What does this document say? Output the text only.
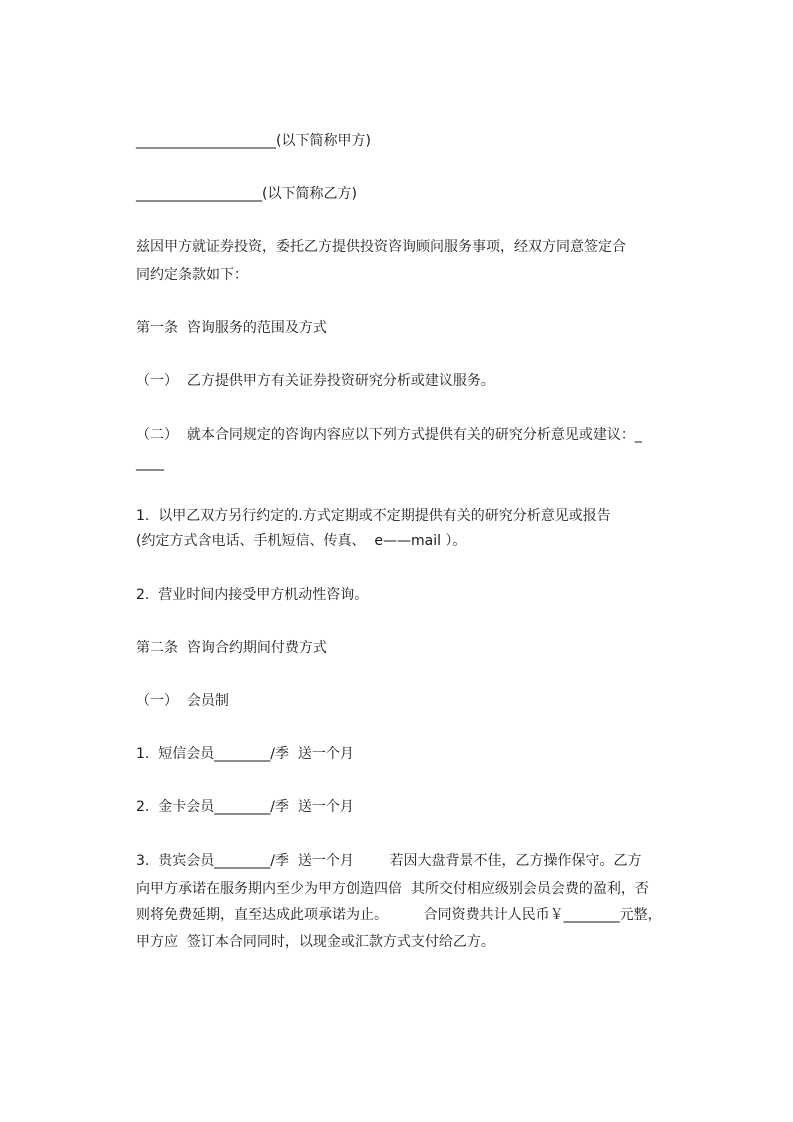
____________________(以下简称甲方)
__________________(以下简称乙方)
兹因甲方就证券投资，委托乙方提供投资咨询顾问服务事项，经双方同意签定合
同约定条款如下：
第一条  咨询服务的范围及方式
（一）  乙方提供甲方有关证券投资研究分析或建议服务。
（二）  就本合同规定的咨询内容应以下列方式提供有关的研究分析意见或建议：_
____
1.  以甲乙双方另行约定的.方式定期或不定期提供有关的研究分析意见或报告
(约定方式含电话、手机短信、传真、  e——mail ）。
2.  营业时间内接受甲方机动性咨询。
第二条  咨询合约期间付费方式
（一）  会员制
1.  短信会员________/季  送一个月
2.  金卡会员________/季  送一个月
3.  贵宾会员________/季  送一个月        若因大盘背景不佳，乙方操作保守。乙方
向甲方承诺在服务期内至少为甲方创造四倍  其所交付相应级别会员会费的盈利，否
则将免费延期，直至达成此项承诺为止。        合同资费共计人民币￥________元整，
甲方应  签订本合同同时，以现金或汇款方式支付给乙方。
